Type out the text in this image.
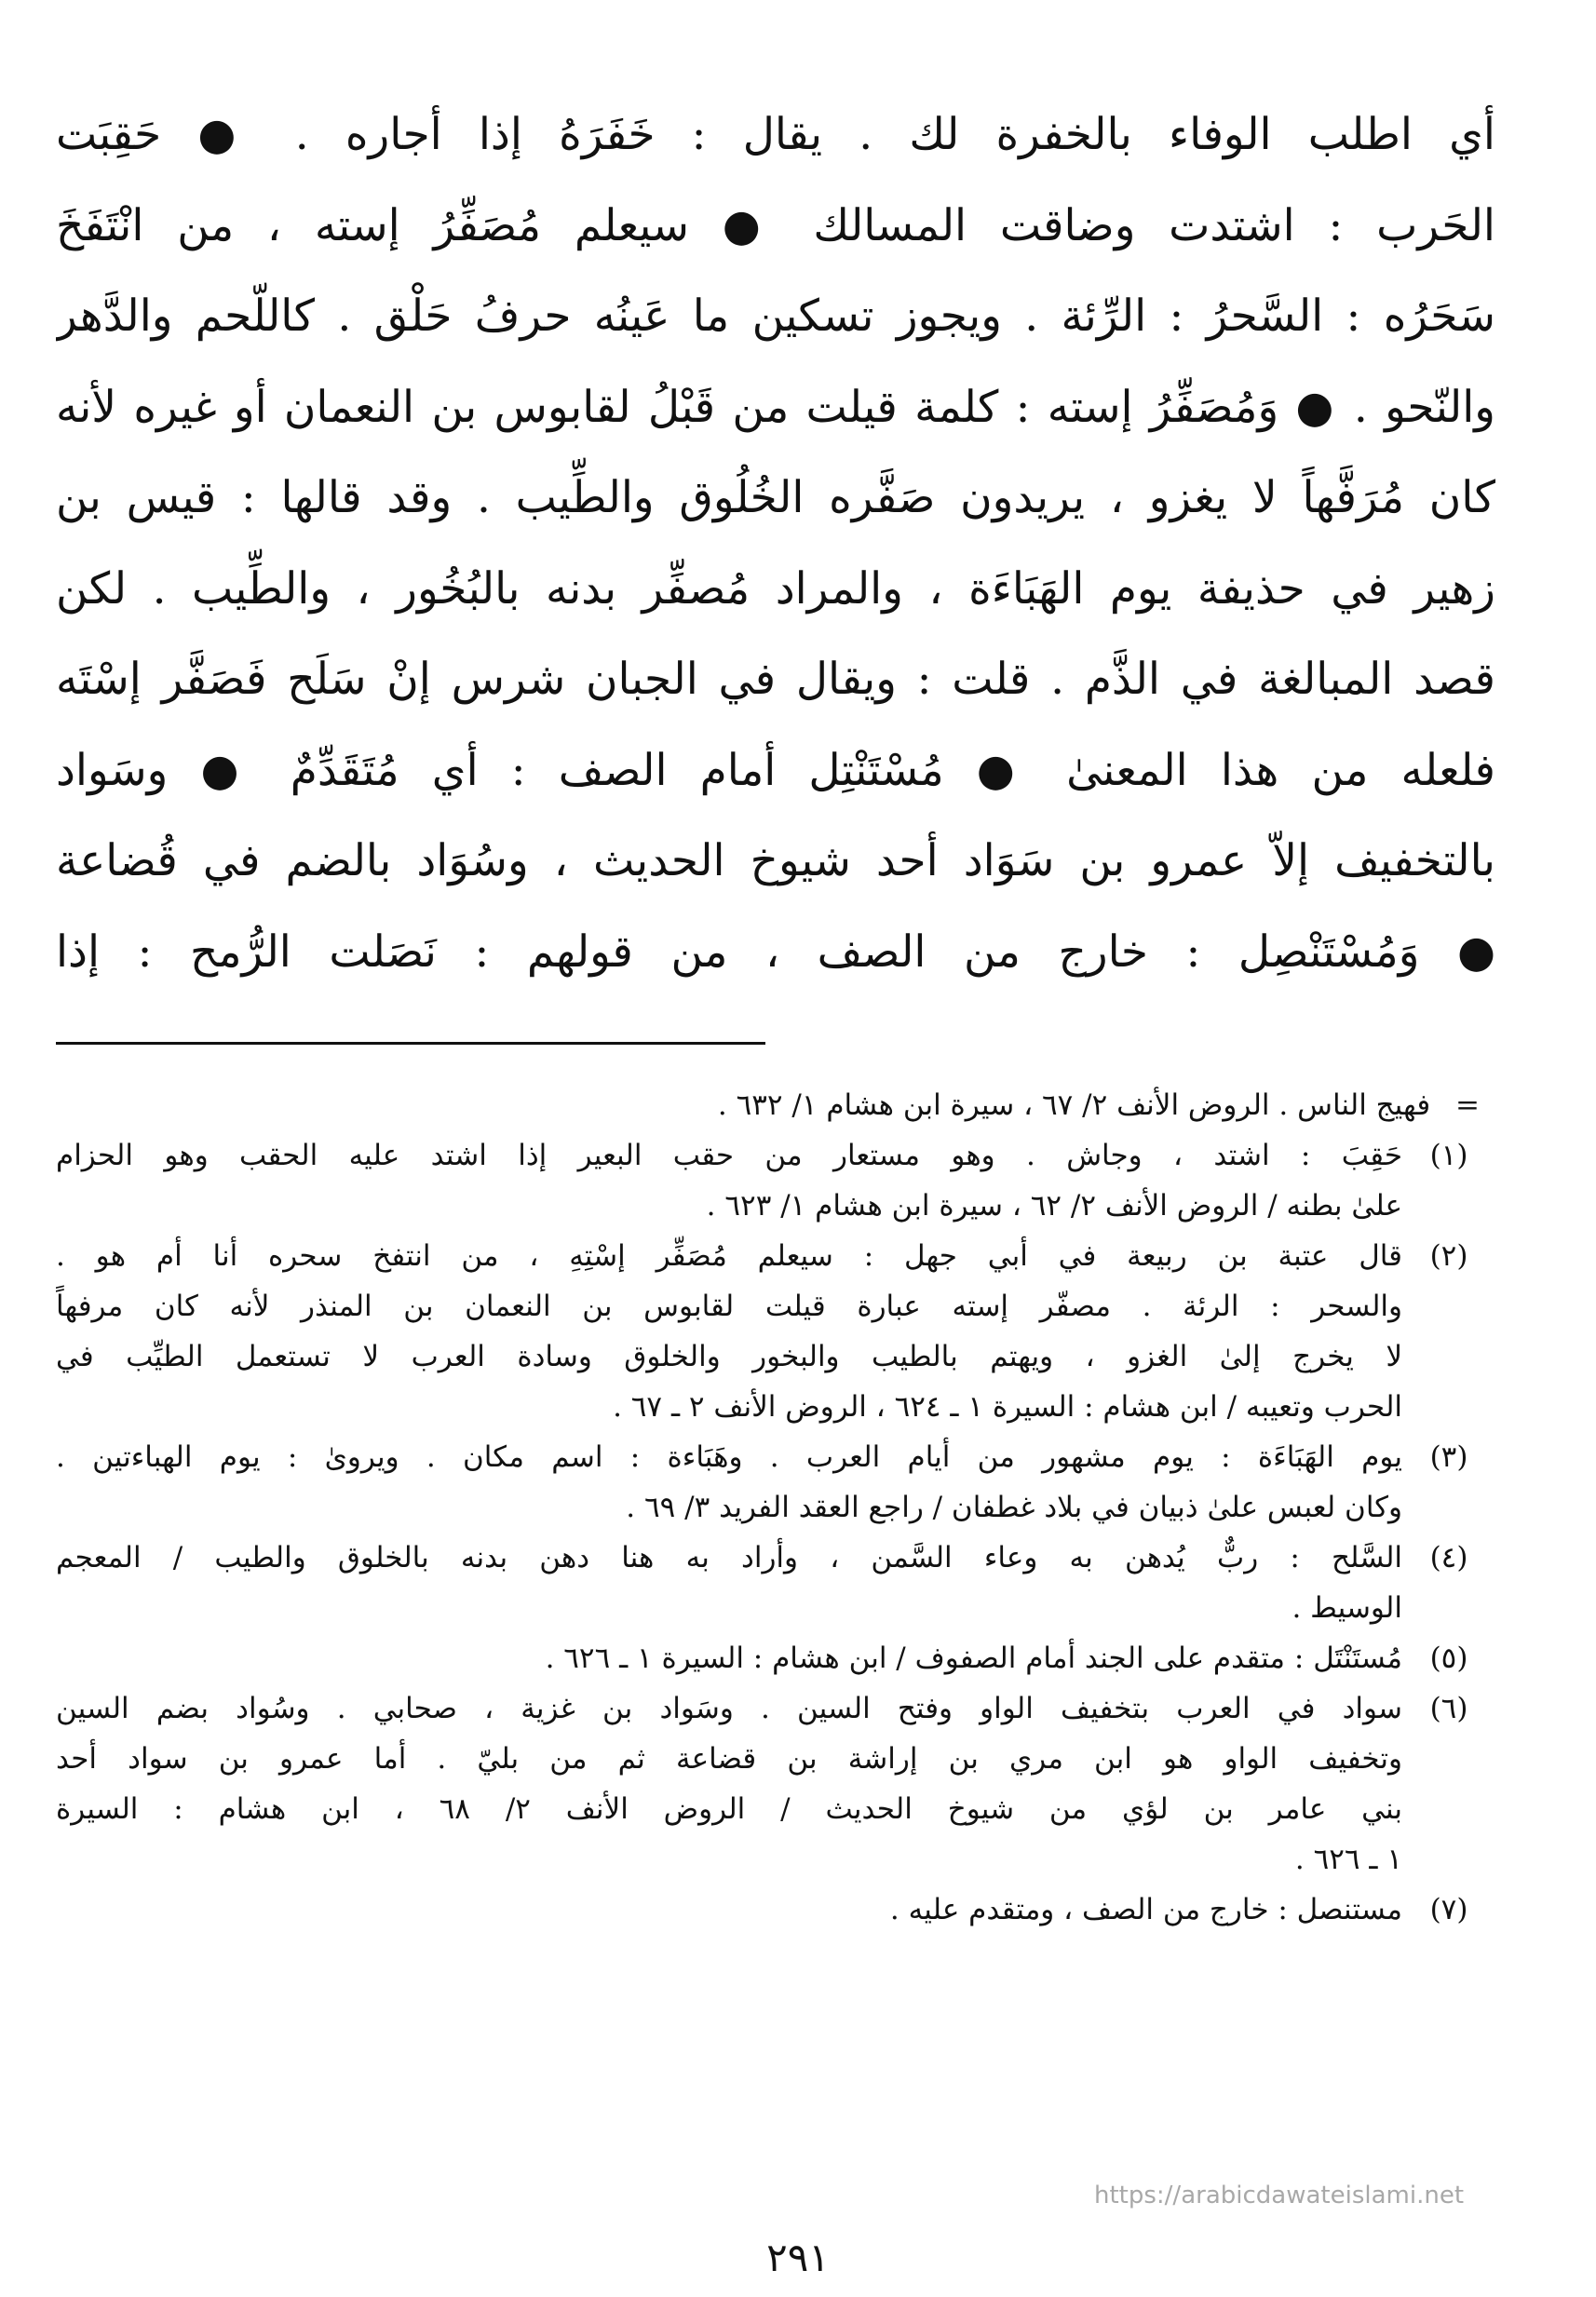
أي اطلب الوفاء بالخفرة لك . يقال : خَفَرَهُ إذا أجاره . ● حَقِبَت

الحَرب : اشتدت وضاقت المسالك ● سيعلم مُصَفِّرُ إسته ، من انْتَفَخَ

سَحَرُه : السَّحرُ : الرِّئة . ويجوز تسكين ما عَينُه حرفُ حَلْق . كاللّحم والدَّهر

والنّحو . ● وَمُصَفِّرُ إسته : كلمة قيلت من قَبْلُ لقابوس بن النعمان أو غيره لأنه

كان مُرَفَّهاً لا يغزو ، يريدون صَفَّره الخُلُوق والطِّيب . وقد قالها : قيس بن

زهير في حذيفة يوم الهَبَاءَة ، والمراد مُصفِّر بدنه بالبُخُور ، والطِّيب . لكن

قصد المبالغة في الذَّم . قلت : ويقال في الجبان شرس إنْ سَلَح فَصَفَّر إسْتَه

فلعله من هذا المعنىٰ ● مُسْتَنْتِل أمام الصف : أي مُتَقَدِّمٌ ● وسَواد

بالتخفيف إلاّ عمرو بن سَوَاد أحد شيوخ الحديث ، وسُوَاد بالضم في قُضاعة

● وَمُسْتَنْصِل : خارج من الصف ، من قولهم : نَصَلت الرُّمح : إذا

= فهيج الناس . الروض الأنف ٢/ ٦٧ ، سيرة ابن هشام ١/ ٦٣٢ .
(١)
حَقِبَ : اشتد ، وجاش . وهو مستعار من حقب البعير إذا اشتد عليه الحقب وهو الحزام
علىٰ بطنه / الروض الأنف ٢/ ٦٢ ، سيرة ابن هشام ١/ ٦٢٣ .
(٢)
قال عتبة بن ربيعة في أبي جهل : سيعلم مُصَفِّر إسْتِهِ ، من انتفخ سحره أنا أم هو .
والسحر : الرئة . مصفّر إسته عبارة قيلت لقابوس بن النعمان بن المنذر لأنه كان مرفهاً
لا يخرج إلىٰ الغزو ، ويهتم بالطيب والبخور والخلوق وسادة العرب لا تستعمل الطيِّب في
الحرب وتعيبه / ابن هشام : السيرة ١ ـ ٦٢٤ ، الروض الأنف ٢ ـ ٦٧ .
(٣)
يوم الهَبَاءَة : يوم مشهور من أيام العرب . وهَبَاءة : اسم مكان . ويروىٰ : يوم الهباءتين .
وكان لعبس علىٰ ذبيان في بلاد غطفان / راجع العقد الفريد ٣/ ٦٩ .
(٤)
السَّلح : ربٌّ يُدهن به وعاء السَّمن ، وأراد به هنا دهن بدنه بالخلوق والطيب / المعجم
الوسيط .
(٥)
مُستَنْتَل : متقدم على الجند أمام الصفوف / ابن هشام : السيرة ١ ـ ٦٢٦ .
(٦)
سواد في العرب بتخفيف الواو وفتح السين . وسَواد بن غزية ، صحابي . وسُواد بضم السين
وتخفيف الواو هو ابن مري بن إراشة بن قضاعة ثم من بليّ . أما عمرو بن سواد أحد
بني عامر بن لؤي من شيوخ الحديث / الروض الأنف ٢/ ٦٨ ، ابن هشام : السيرة
١ ـ ٦٢٦ .
(٧)
مستنصل : خارج من الصف ، ومتقدم عليه .
https://arabicdawateislami.net
٢٩١
